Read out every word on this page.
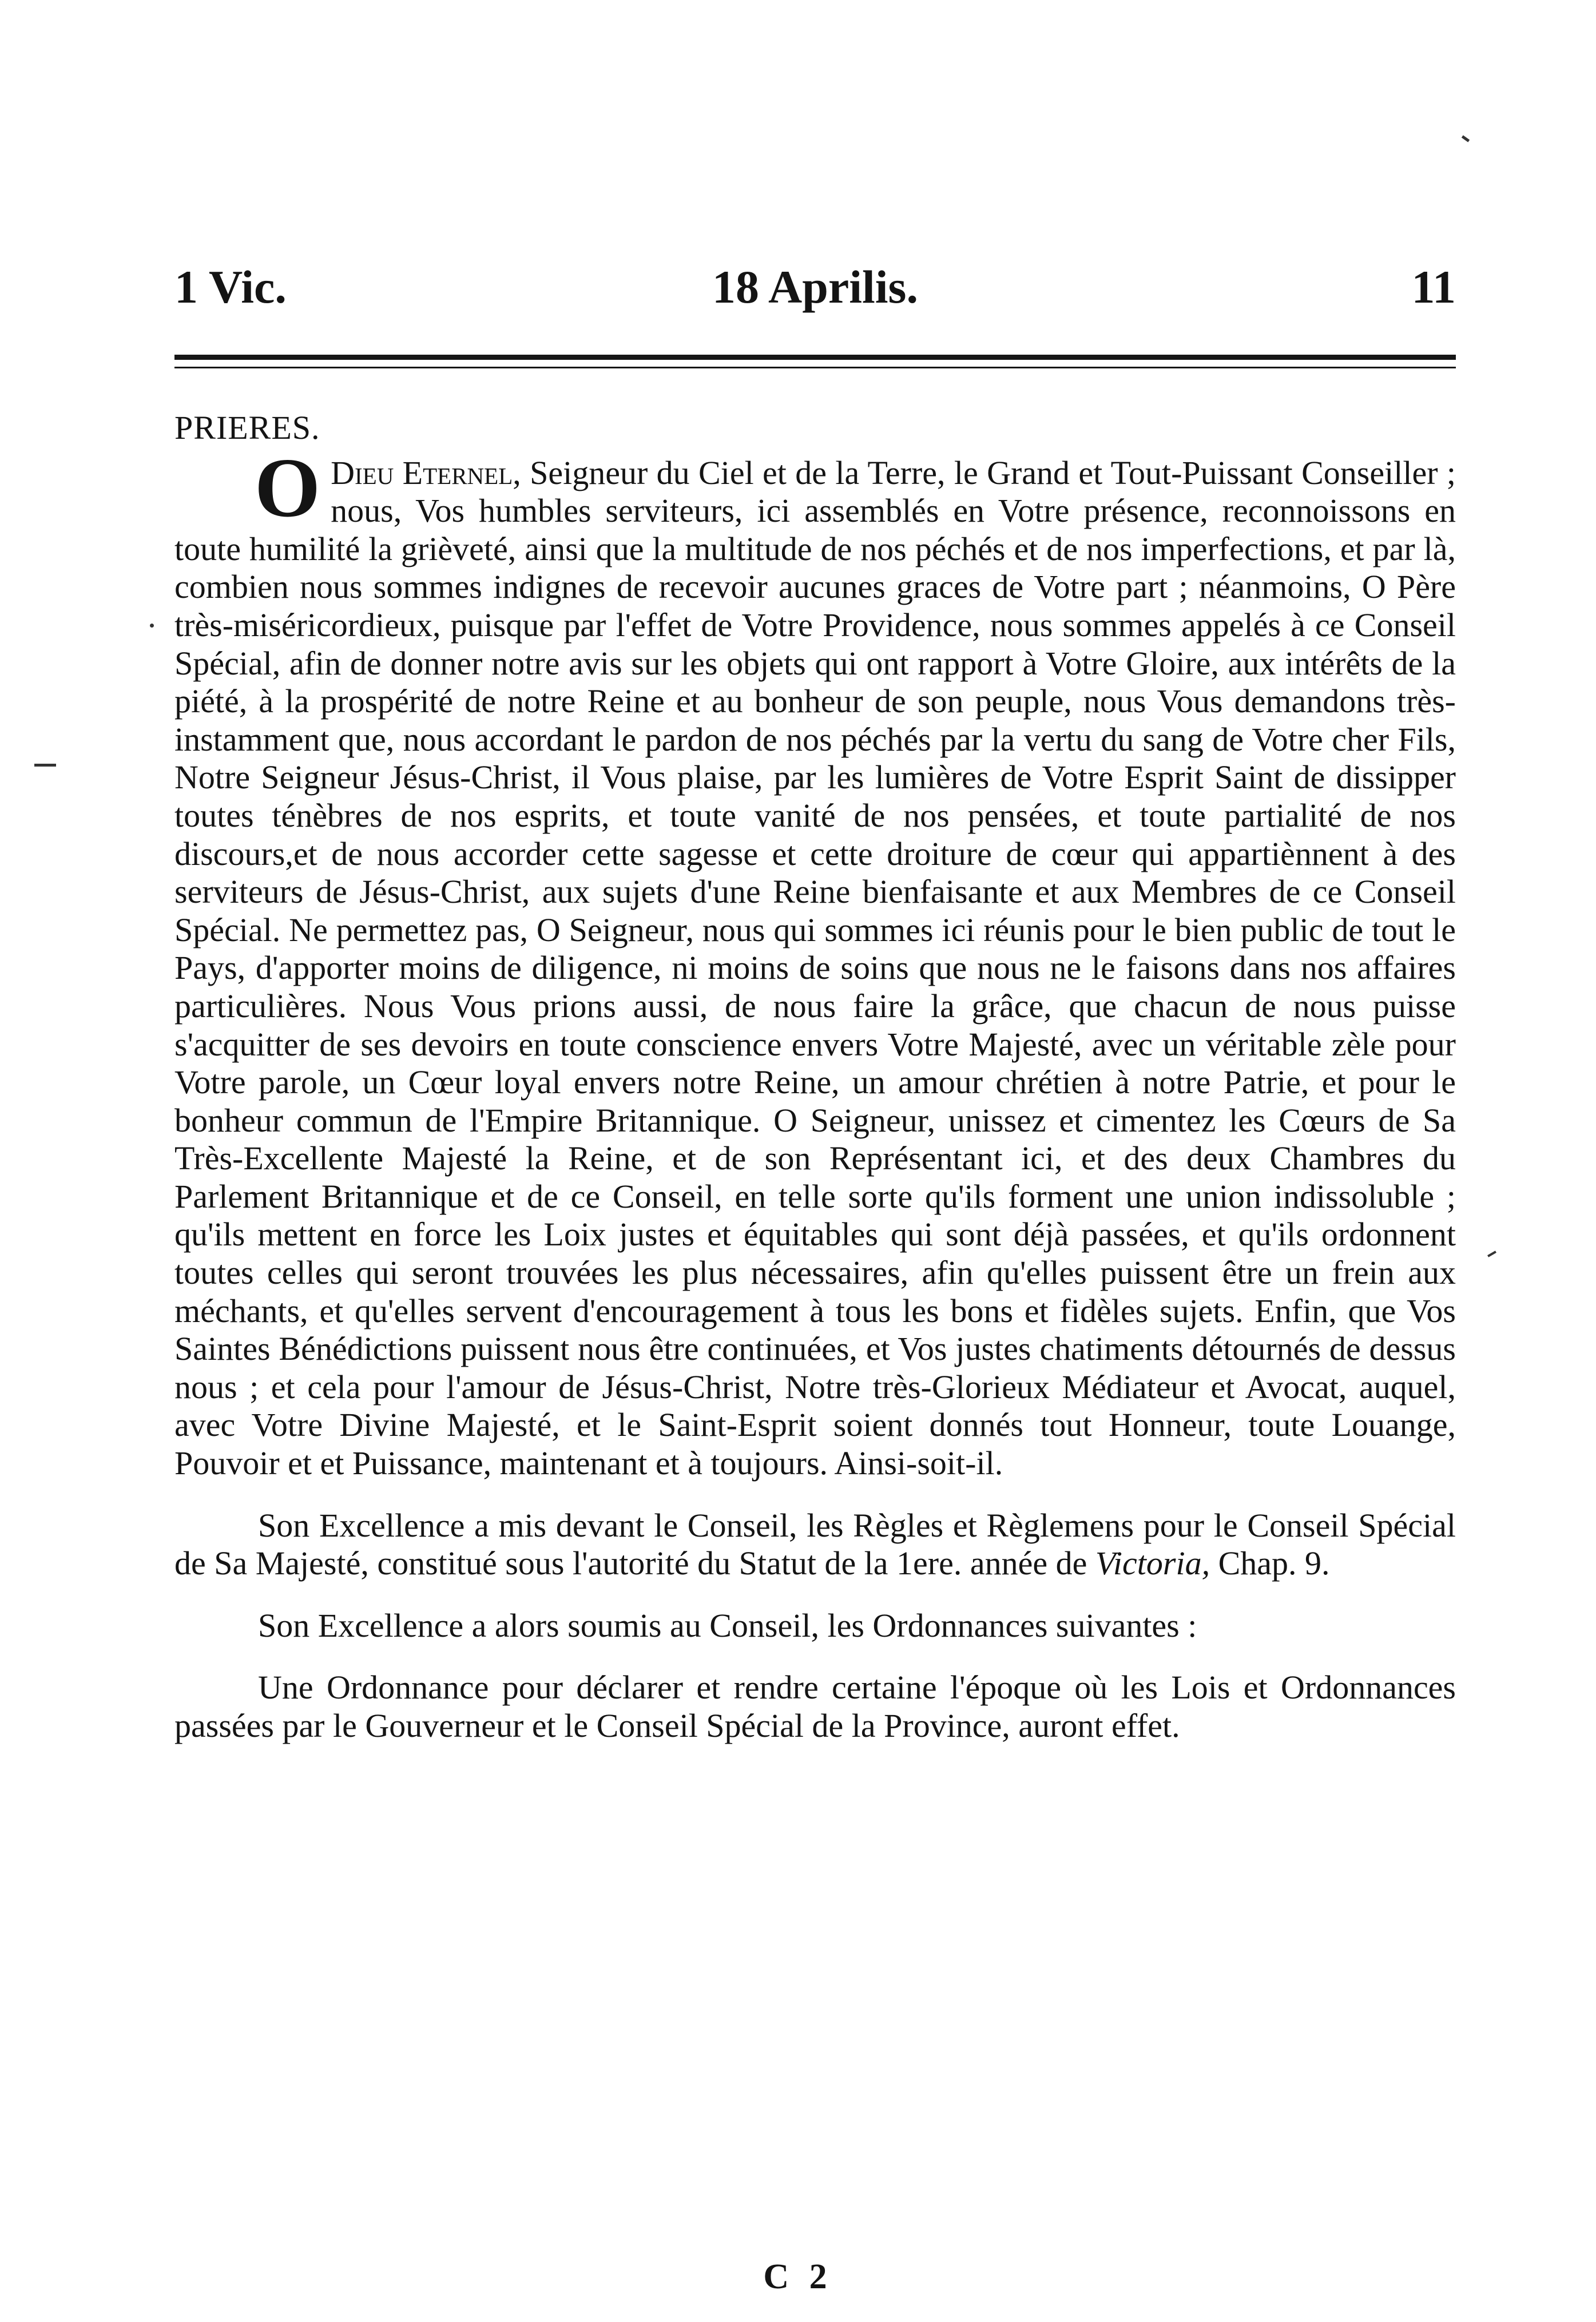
1 Vic.	18 Aprilis.	11
PRIERES.

O Dieu Eternel, Seigneur du Ciel et de la Terre, le Grand et Tout-Puissant Conseiller ; nous, Vos humbles serviteurs, ici assemblés en Votre présence, reconnoissons en toute humilité la grièveté, ainsi que la multitude de nos péchés et de nos imperfections, et par là, combien nous sommes indignes de recevoir aucunes graces de Votre part ; néanmoins, O Père très-miséricordieux, puisque par l'effet de Votre Providence, nous sommes appelés à ce Conseil Spécial, afin de donner notre avis sur les objets qui ont rapport à Votre Gloire, aux intérêts de la piété, à la prospérité de notre Reine et au bonheur de son peuple, nous Vous demandons très-instamment que, nous accordant le pardon de nos péchés par la vertu du sang de Votre cher Fils, Notre Seigneur Jésus-Christ, il Vous plaise, par les lumières de Votre Esprit Saint de dissipper toutes ténèbres de nos esprits, et toute vanité de nos pensées, et toute partialité de nos discours,et de nous accorder cette sagesse et cette droiture de cœur qui appartiènnent à des serviteurs de Jésus-Christ, aux sujets d'une Reine bienfaisante et aux Membres de ce Conseil Spécial. Ne permettez pas, O Seigneur, nous qui sommes ici réunis pour le bien public de tout le Pays, d'apporter moins de diligence, ni moins de soins que nous ne le faisons dans nos affaires particulières. Nous Vous prions aussi, de nous faire la grâce, que chacun de nous puisse s'acquitter de ses devoirs en toute conscience envers Votre Majesté, avec un véritable zèle pour Votre parole, un Cœur loyal envers notre Reine, un amour chrétien à notre Patrie, et pour le bonheur commun de l'Empire Britannique. O Seigneur, unissez et cimentez les Cœurs de Sa Très-Excellente Majesté la Reine, et de son Représentant ici, et des deux Chambres du Parlement Britannique et de ce Conseil, en telle sorte qu'ils forment une union indissoluble ; qu'ils mettent en force les Loix justes et équitables qui sont déjà passées, et qu'ils ordonnent toutes celles qui seront trouvées les plus nécessaires, afin qu'elles puissent être un frein aux méchants, et qu'elles servent d'encouragement à tous les bons et fidèles sujets. Enfin, que Vos Saintes Bénédictions puissent nous être continuées, et Vos justes chatiments détournés de dessus nous ; et cela pour l'amour de Jésus-Christ, Notre très-Glorieux Médiateur et Avocat, auquel, avec Votre Divine Majesté, et le Saint-Esprit soient donnés tout Honneur, toute Louange, Pouvoir et et Puissance, maintenant et à toujours. Ainsi-soit-il.

Son Excellence a mis devant le Conseil, les Règles et Règlemens pour le Conseil Spécial de Sa Majesté, constitué sous l'autorité du Statut de la 1ere. année de Victoria, Chap. 9.

Son Excellence a alors soumis au Conseil, les Ordonnances suivantes :

Une Ordonnance pour déclarer et rendre certaine l'époque où les Lois et Ordonnances passées par le Gouverneur et le Conseil Spécial de la Province, auront effet.

C 2
